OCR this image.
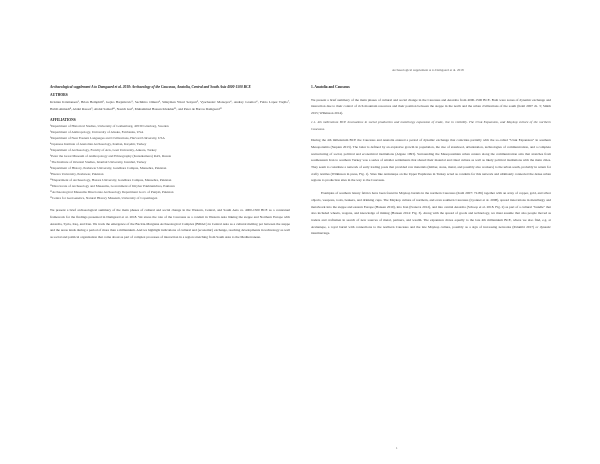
Archaeological supplement A to Damgaard et al. 2018

Archaeological supplement A to Damgaard et al. 2018: Archaeology of the Caucasus, Anatolia, Central and South Asia 4000-1500 BCE

AUTHORS

Kristian Kristiansen¹, Brian Hemphill², Gojko Barjamovic³, Sachihiro Omura⁴, Süleyman Yücel Senyurt⁵, Vyacheslav Moiseyev⁶, Andrey Gromov⁶, Fabio López Trejilo⁷, Habib Ahmadi⁸, Abdul Rasool⁹, Abdul Samad¹⁰, Nasich Gul¹, Muhammad Hassan Khokhar¹¹, and Peter de Barros Damgaard¹²

AFFILIATIONS

¹Department of Historical Studies, University of Gothenburg, 40530 Göteborg, Sweden

²Department of Anthropology, University of Alaska, Fairbanks, USA

³Department of Near Eastern Languages and Civilizations, Harvard University, USA

⁴Japanese Institute of Anatolian Archaeology, Kaman, Kırşehir, Turkey

⁵Department of Archaeology, Faculty of Arts, Gazi University, Ankara, Turkey

⁶Peter the Great Museum of Anthropology and Ethnography (Kunstkamera) RAS, Russia

⁷The Institute of Oriental Studies, Istanbul University, Istanbul, Turkey

⁸Department of History, Peshawar University, Gandhara Campus, Mansehra, Pakistan

⁹Hazara University, Peshawar, Pakistan

¹⁰Department of Archaeology, Hazara University, Gandhara Campus, Mansehra, Pakistan

¹¹Directorate of Archaeology and Museums, Government of Khyber Pakhtunkhwa, Pakistan

¹²Archaeological Museums Directorate Archaeology Department Govt. of Punjab, Pakistan

¹³Centre for GeoGenetics, Natural History Museum, University of Copenhagen

We present a brief archaeological summary of the main phases of cultural and social change in the Western, Central, and South Asia ca. 4000-1500 BCE as a contextual framework for the findings presented in Damgaard et al. 2018. We stress the role of the Caucasus as a conduit in Western Asia linking the steppe and Northern Europe with Anatolia, Syria, Iraq, and Iran. We track the emergence of the Bactria-Margiana Archaeological Complex (BMAC) in Central Asia as a cultural melting pot between the steppe and the areas lands during a period of more than a millennium. And we highlight indications of cultural and (economic) exchange, reaching developments in technology as well as social and political organization that come about as part of complex processes of interaction in a region stretching from South Asia to the Mediterranean.

1. Anatolia and Caucasus

We present a brief summary of the main phases of cultural and social change in the Caucasus and Anatolia from 4000-1500 BCE. Both were zones of dynamic exchange and interaction due to their control of rich mountain resources and their position between the steppe in the north and the urban civilizations of the south (Kohl 2007 ch. 3; Smith 2015; Wilkinson 2014).

1.1. 4th millennium BCE innovations in social production and metallurgy expansion of trade, rise in visibility. The Uruk Expansion, and Maykop culture of the northern Caucasus.

During the 4th millennium BCE the Caucasus and Anatolia entered a period of dynamic exchange that coincides partially with the so-called "Uruk Expansion" in southern Mesopotamia (Stepien 2013). The latter is defined by an explosive growth in population, the rise of statehood, urbanization, technologies of communication, and a complete restructuring of social, political and economical institutions (Algaze 1993). Surrounding the Mesopotamian urban centers along the communication axis that stretches from southeastern Iran to southern Turkey was a series of smaller settlements that shared their material and ritual culture as well as likely political institutions with the main cities. They seem to constitute a network of early trading posts that provided raw materials (timber, stone, metal, and possibly also workers) to the urban south, probably in return for crafty textiles (Wilkinson in press, Fig. 1). Sites like Arslantepe on the Upper Euphrates in Turkey acted as conduits for this network and ultimately connected the dense urban regions to production sites in the way to the Caucasus.

Examples of southern luxury fabrics have been found in Maykop burials in the northern Caucasus (Kohl 2007: 72-86) together with an array of copper, gold, and silver objects, weapons, tools, beakers, and drinking cups. The Maykop culture of northern, and even southern Caucasus (Lyonnet et al. 2008), spread innovations in metallurgy and metalwork into the steppe and eastern Europe (Hansen 2010), into Iran (Ivanova 2012), and into central Anatolia (Schoop et al. 2018. Fig. 2) as part of a cultural "bundle" that also included wheels, wagons, and knowledge of mining (Hansen 2014: Fig. 3). Along with the spread of goods and technology, we must assume that also people moved as traders and craftsmen in search of new sources of metal, partners, and wealth. The expansion draws equally to the late 4th millennium BCE, where we also find, e.g. at Arslantepe, a royal burial with connections to the northern Caucasus and the late Maykop culture, possibly as a sign of increasing networks (Palumbi 2017) or dynastic intermarriage.

1
